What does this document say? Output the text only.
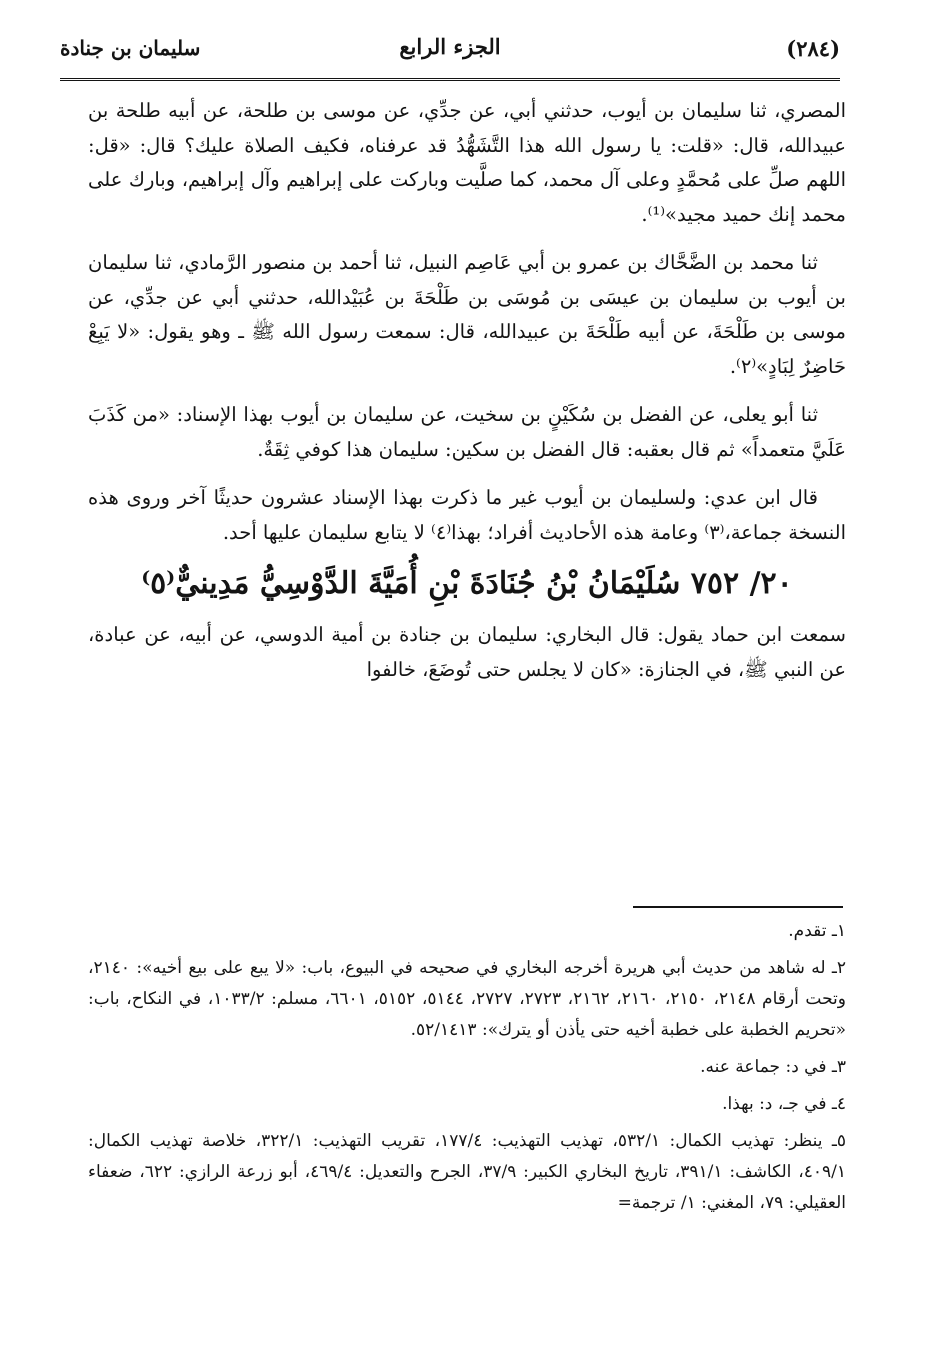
سليمان بن جنادة	الجزء الرابع	(٢٨٤)

المصري، ثنا سليمان بن أيوب، حدثني أبي، عن جدِّي، عن موسى بن طلحة، عن أبيه طلحة بن عبيدالله، قال: «قلت: يا رسول الله هذا التَّشَهُّدُ قد عرفناه، فكيف الصلاة عليك؟ قال: «قل: اللهم صلِّ على مُحمَّدٍ وعلى آل محمد، كما صلَّيت وباركت على إبراهيم وآل إبراهيم، وبارك على محمد إنك حميد مجيد»⁽¹⁾.

ثنا محمد بن الضَّحَّاك بن عمرو بن أبي عَاصِم النبيل، ثنا أحمد بن منصور الرَّمادي، ثنا سليمان بن أيوب بن سليمان بن عيسَى بن مُوسَى بن طَلْحَةَ بن عُبَيْدالله، حدثني أبي عن جدِّي، عن موسى بن طَلْحَةَ، عن أبيه طَلْحَةَ بن عبيدالله، قال: سمعت رسول الله ﷺ ـ وهو يقول: «لا يَبِعْ حَاضِرٌ لِبَادٍ»⁽٢⁾.

ثنا أبو يعلى، عن الفضل بن سُكَيْنٍ بن سخيت، عن سليمان بن أيوب بهذا الإسناد: «من كَذَبَ عَلَيَّ متعمداً» ثم قال بعقبه: قال الفضل بن سكين: سليمان هذا كوفي ثِقَةٌ.

قال ابن عدي: ولسليمان بن أيوب غير ما ذكرت بهذا الإسناد عشرون حديثًا آخر وروى هذه النسخة جماعة،⁽٣⁾ وعامة هذه الأحاديث أفراد؛ بهذا⁽٤⁾ لا يتابع سليمان عليها أحد.

٢٠/ ٧٥٢ سُلَيْمَانُ بْنُ جُنَادَةَ بْنِ أُمَيَّةَ الدَّوْسِيُّ مَدِينيٌّ⁽٥⁾

سمعت ابن حماد يقول: قال البخاري: سليمان بن جنادة بن أمية الدوسي، عن أبيه، عن عبادة، عن النبي ﷺ، في الجنازة: «كان لا يجلس حتى تُوضَعَ، خالفوا

١ـ تقدم.
٢ـ له شاهد من حديث أبي هريرة أخرجه البخاري في صحيحه في البيوع، باب: «لا يبع على بيع أخيه»: ٢١٤٠، وتحت أرقام ٢١٤٨، ٢١٥٠، ٢١٦٠، ٢١٦٢، ٢٧٢٣، ٢٧٢٧، ٥١٤٤، ٥١٥٢، ٦٦٠١، مسلم: ١٠٣٣/٢، في النكاح، باب: «تحريم الخطبة على خطبة أخيه حتى يأذن أو يترك»: ٥٢/١٤١٣.
٣ـ في د: جماعة عنه.
٤ـ في جـ، د: بهذا.
٥ـ ينظر: تهذيب الكمال: ٥٣٢/١، تهذيب التهذيب: ١٧٧/٤، تقريب التهذيب: ٣٢٢/١، خلاصة تهذيب الكمال: ٤٠٩/١، الكاشف: ٣٩١/١، تاريخ البخاري الكبير: ٣٧/٩، الجرح والتعديل: ٤٦٩/٤، أبو زرعة الرازي: ٦٢٢، ضعفاء العقيلي: ٧٩، المغني: ١/ ترجمة=
